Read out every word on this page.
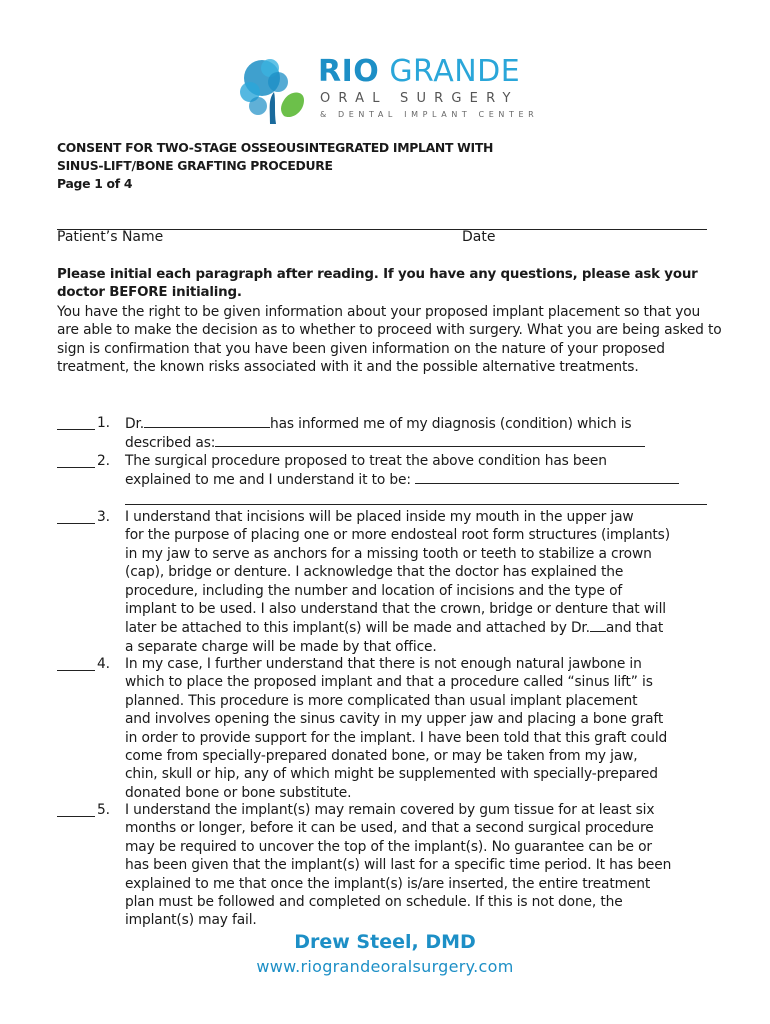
RIO GRANDE
ORAL SURGERY
& DENTAL IMPLANT CENTER
CONSENT FOR TWO-STAGE OSSEOUSINTEGRATED IMPLANT WITH
SINUS-LIFT/BONE GRAFTING PROCEDURE
Page 1 of 4
Patient’s Name	Date
Please initial each paragraph after reading. If you have any questions, please ask your doctor BEFORE initialing.
You have the right to be given information about your proposed implant placement so that you are able to make the decision as to whether to proceed with surgery. What you are being asked to sign is confirmation that you have been given information on the nature of your proposed treatment, the known risks associated with it and the possible alternative treatments.
1. Dr.	has informed me of my diagnosis (condition) which is
described as:
2. The surgical procedure proposed to treat the above condition has been
explained to me and I understand it to be:
3. I understand that incisions will be placed inside my mouth in the upper jaw
for the purpose of placing one or more endosteal root form structures (implants)
in my jaw to serve as anchors for a missing tooth or teeth to stabilize a crown
(cap), bridge or denture. I acknowledge that the doctor has explained the
procedure, including the number and location of incisions and the type of
implant to be used. I also understand that the crown, bridge or denture that will
later be attached to this implant(s) will be made and attached by Dr. and that
a separate charge will be made by that office.
4. In my case, I further understand that there is not enough natural jawbone in
which to place the proposed implant and that a procedure called “sinus lift” is
planned. This procedure is more complicated than usual implant placement
and involves opening the sinus cavity in my upper jaw and placing a bone graft
in order to provide support for the implant. I have been told that this graft could
come from specially-prepared donated bone, or may be taken from my jaw,
chin, skull or hip, any of which might be supplemented with specially-prepared
donated bone or bone substitute.
5. I understand the implant(s) may remain covered by gum tissue for at least six
months or longer, before it can be used, and that a second surgical procedure
may be required to uncover the top of the implant(s). No guarantee can be or
has been given that the implant(s) will last for a specific time period. It has been
explained to me that once the implant(s) is/are inserted, the entire treatment
plan must be followed and completed on schedule. If this is not done, the
implant(s) may fail.
Drew Steel, DMD
www.riograndeoralsurgery.com
